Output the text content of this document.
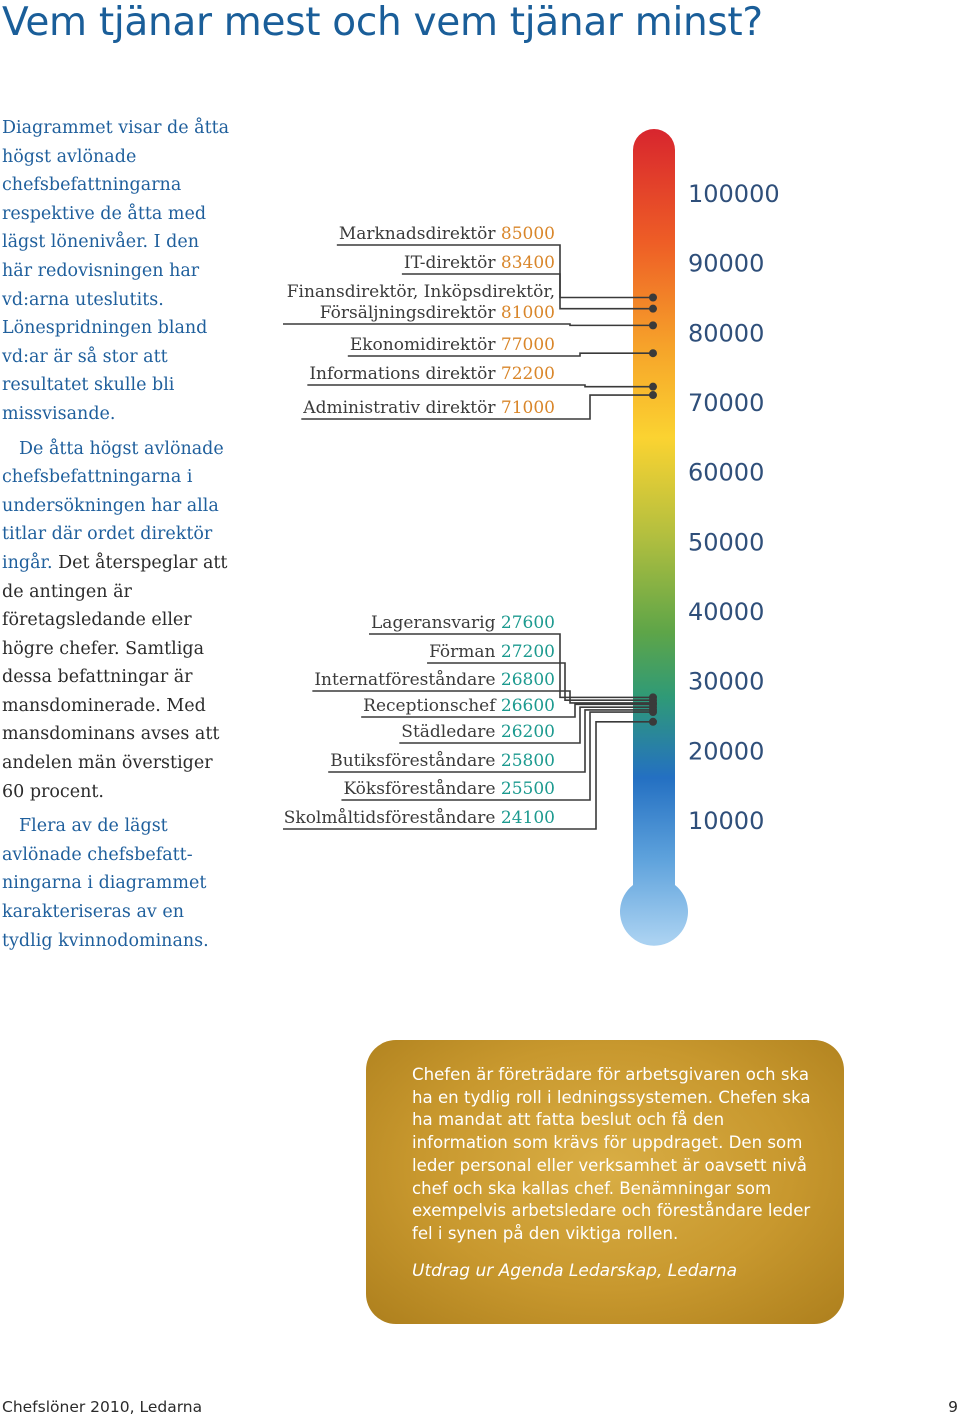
Vem tjänar mest och vem tjänar minst?

Diagrammet visar de åtta högst avlönade chefsbefattningarna respektive de åtta med lägst lönenivåer. I den här redovisningen har vd:arna uteslutits. Lönespridningen bland vd:ar är så stor att resultatet skulle bli missvisande.

De åtta högst avlönade chefsbefattningarna i undersökningen har alla titlar där ordet direktör ingår. Det återspeglar att de antingen är företagsledande eller högre chefer. Samtliga dessa befattningar är mansdominerade. Med mansdominans avses att andelen män överstiger 60 procent.

Flera av de lägst avlönade chefsbefattningarna i diagrammet karakteriseras av en tydlig kvinnodominans.

100000
90000
80000
70000
60000
50000
40000
30000
20000
10000
Marknadsdirektör 85000
IT-direktör 83400
Finansdirektör, Inköpsdirektör, Försäljningsdirektör 81000
Ekonomidirektör 77000
Informations direktör 72200
Administrativ direktör 71000
Lageransvarig 27600
Förman 27200
Internatföreståndare 26800
Receptionschef 26600
Städledare 26200
Butiksföreståndare 25800
Köksföreståndare 25500
Skolmåltidsföreståndare 24100

Chefen är företrädare för arbetsgivaren och ska ha en tydlig roll i ledningssystemen. Chefen ska ha mandat att fatta beslut och få den information som krävs för uppdraget. Den som leder personal eller verksamhet är oavsett nivå chef och ska kallas chef. Benämningar som exempelvis arbetsledare och föreståndare leder fel i synen på den viktiga rollen.

Utdrag ur Agenda Ledarskap, Ledarna

Chefslöner 2010, Ledarna	9
